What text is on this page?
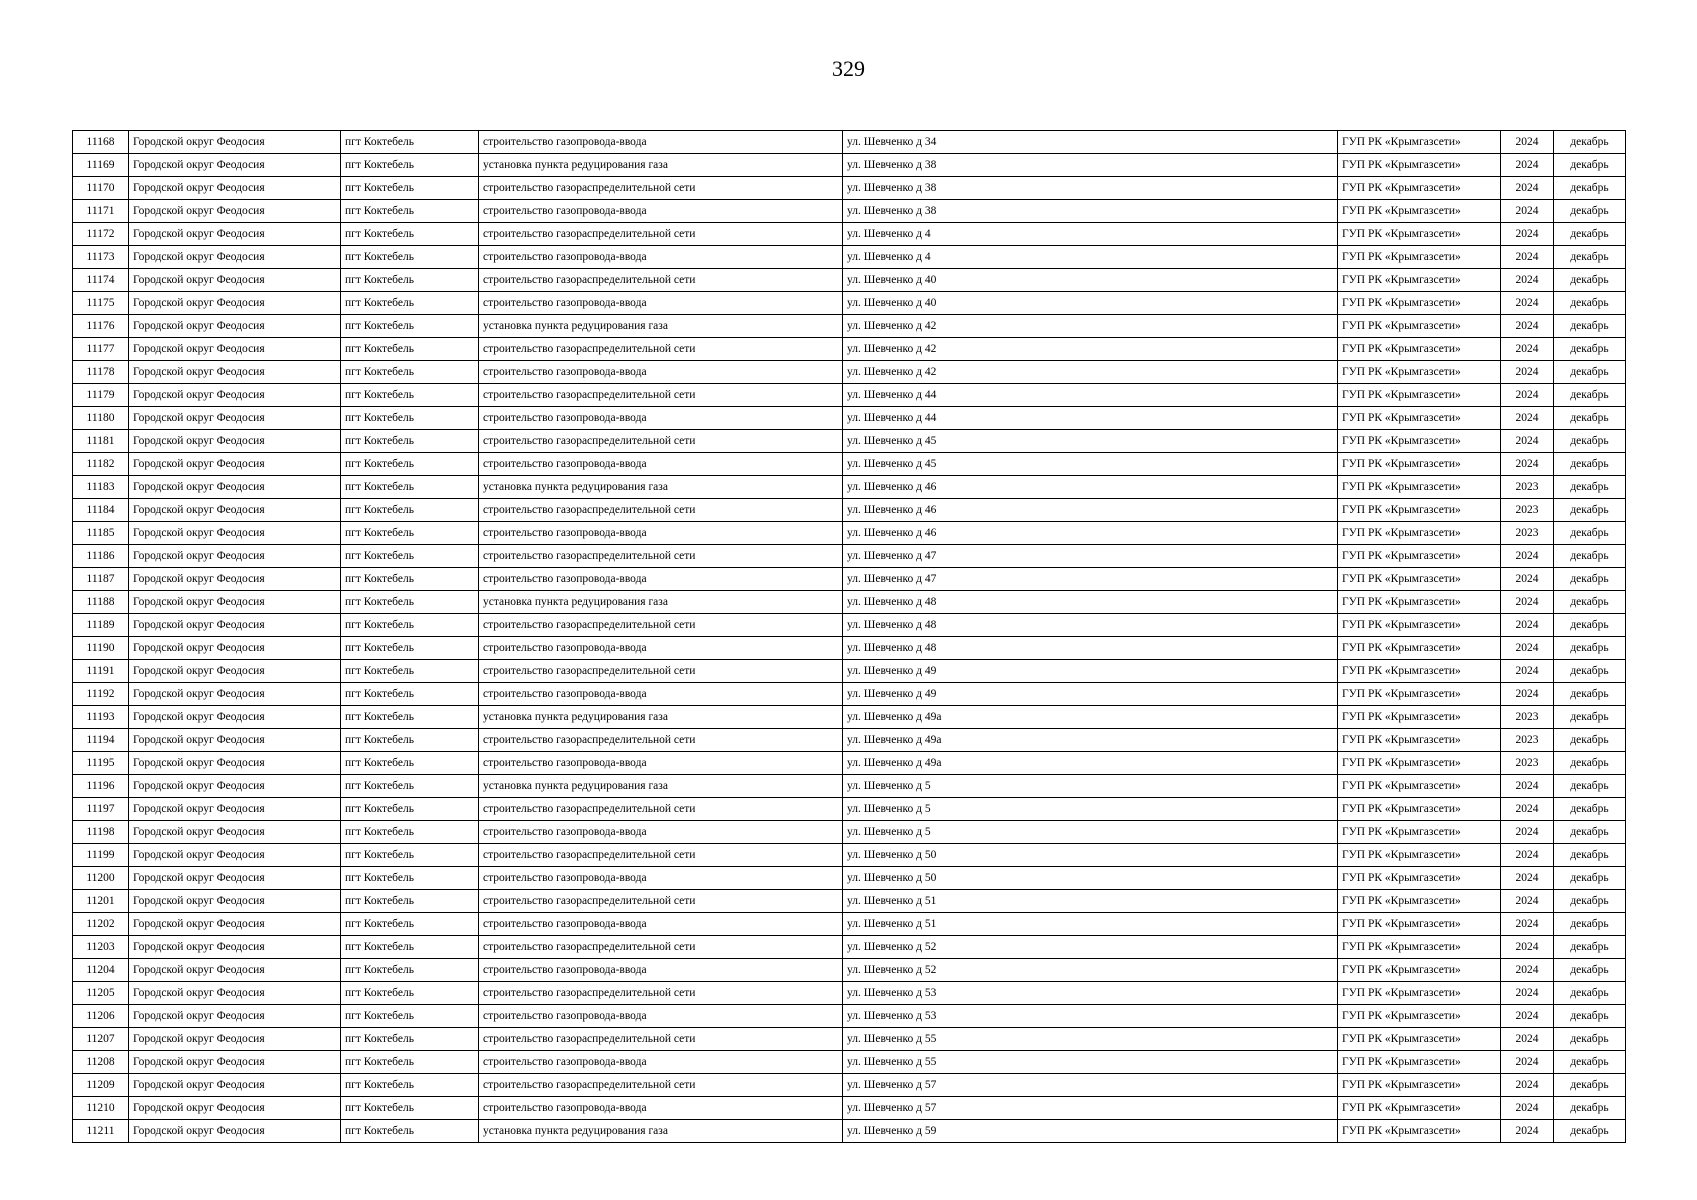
329
11168	Городской округ Феодосия	пгт Коктебель	строительство газопровода-ввода	ул. Шевченко д 34	ГУП РК «Крымгазсети»	2024	декабрь
11169	Городской округ Феодосия	пгт Коктебель	установка пункта редуцирования газа	ул. Шевченко д 38	ГУП РК «Крымгазсети»	2024	декабрь
11170	Городской округ Феодосия	пгт Коктебель	строительство газораспределительной сети	ул. Шевченко д 38	ГУП РК «Крымгазсети»	2024	декабрь
11171	Городской округ Феодосия	пгт Коктебель	строительство газопровода-ввода	ул. Шевченко д 38	ГУП РК «Крымгазсети»	2024	декабрь
11172	Городской округ Феодосия	пгт Коктебель	строительство газораспределительной сети	ул. Шевченко д 4	ГУП РК «Крымгазсети»	2024	декабрь
11173	Городской округ Феодосия	пгт Коктебель	строительство газопровода-ввода	ул. Шевченко д 4	ГУП РК «Крымгазсети»	2024	декабрь
11174	Городской округ Феодосия	пгт Коктебель	строительство газораспределительной сети	ул. Шевченко д 40	ГУП РК «Крымгазсети»	2024	декабрь
11175	Городской округ Феодосия	пгт Коктебель	строительство газопровода-ввода	ул. Шевченко д 40	ГУП РК «Крымгазсети»	2024	декабрь
11176	Городской округ Феодосия	пгт Коктебель	установка пункта редуцирования газа	ул. Шевченко д 42	ГУП РК «Крымгазсети»	2024	декабрь
11177	Городской округ Феодосия	пгт Коктебель	строительство газораспределительной сети	ул. Шевченко д 42	ГУП РК «Крымгазсети»	2024	декабрь
11178	Городской округ Феодосия	пгт Коктебель	строительство газопровода-ввода	ул. Шевченко д 42	ГУП РК «Крымгазсети»	2024	декабрь
11179	Городской округ Феодосия	пгт Коктебель	строительство газораспределительной сети	ул. Шевченко д 44	ГУП РК «Крымгазсети»	2024	декабрь
11180	Городской округ Феодосия	пгт Коктебель	строительство газопровода-ввода	ул. Шевченко д 44	ГУП РК «Крымгазсети»	2024	декабрь
11181	Городской округ Феодосия	пгт Коктебель	строительство газораспределительной сети	ул. Шевченко д 45	ГУП РК «Крымгазсети»	2024	декабрь
11182	Городской округ Феодосия	пгт Коктебель	строительство газопровода-ввода	ул. Шевченко д 45	ГУП РК «Крымгазсети»	2024	декабрь
11183	Городской округ Феодосия	пгт Коктебель	установка пункта редуцирования газа	ул. Шевченко д 46	ГУП РК «Крымгазсети»	2023	декабрь
11184	Городской округ Феодосия	пгт Коктебель	строительство газораспределительной сети	ул. Шевченко д 46	ГУП РК «Крымгазсети»	2023	декабрь
11185	Городской округ Феодосия	пгт Коктебель	строительство газопровода-ввода	ул. Шевченко д 46	ГУП РК «Крымгазсети»	2023	декабрь
11186	Городской округ Феодосия	пгт Коктебель	строительство газораспределительной сети	ул. Шевченко д 47	ГУП РК «Крымгазсети»	2024	декабрь
11187	Городской округ Феодосия	пгт Коктебель	строительство газопровода-ввода	ул. Шевченко д 47	ГУП РК «Крымгазсети»	2024	декабрь
11188	Городской округ Феодосия	пгт Коктебель	установка пункта редуцирования газа	ул. Шевченко д 48	ГУП РК «Крымгазсети»	2024	декабрь
11189	Городской округ Феодосия	пгт Коктебель	строительство газораспределительной сети	ул. Шевченко д 48	ГУП РК «Крымгазсети»	2024	декабрь
11190	Городской округ Феодосия	пгт Коктебель	строительство газопровода-ввода	ул. Шевченко д 48	ГУП РК «Крымгазсети»	2024	декабрь
11191	Городской округ Феодосия	пгт Коктебель	строительство газораспределительной сети	ул. Шевченко д 49	ГУП РК «Крымгазсети»	2024	декабрь
11192	Городской округ Феодосия	пгт Коктебель	строительство газопровода-ввода	ул. Шевченко д 49	ГУП РК «Крымгазсети»	2024	декабрь
11193	Городской округ Феодосия	пгт Коктебель	установка пункта редуцирования газа	ул. Шевченко д 49а	ГУП РК «Крымгазсети»	2023	декабрь
11194	Городской округ Феодосия	пгт Коктебель	строительство газораспределительной сети	ул. Шевченко д 49а	ГУП РК «Крымгазсети»	2023	декабрь
11195	Городской округ Феодосия	пгт Коктебель	строительство газопровода-ввода	ул. Шевченко д 49а	ГУП РК «Крымгазсети»	2023	декабрь
11196	Городской округ Феодосия	пгт Коктебель	установка пункта редуцирования газа	ул. Шевченко д 5	ГУП РК «Крымгазсети»	2024	декабрь
11197	Городской округ Феодосия	пгт Коктебель	строительство газораспределительной сети	ул. Шевченко д 5	ГУП РК «Крымгазсети»	2024	декабрь
11198	Городской округ Феодосия	пгт Коктебель	строительство газопровода-ввода	ул. Шевченко д 5	ГУП РК «Крымгазсети»	2024	декабрь
11199	Городской округ Феодосия	пгт Коктебель	строительство газораспределительной сети	ул. Шевченко д 50	ГУП РК «Крымгазсети»	2024	декабрь
11200	Городской округ Феодосия	пгт Коктебель	строительство газопровода-ввода	ул. Шевченко д 50	ГУП РК «Крымгазсети»	2024	декабрь
11201	Городской округ Феодосия	пгт Коктебель	строительство газораспределительной сети	ул. Шевченко д 51	ГУП РК «Крымгазсети»	2024	декабрь
11202	Городской округ Феодосия	пгт Коктебель	строительство газопровода-ввода	ул. Шевченко д 51	ГУП РК «Крымгазсети»	2024	декабрь
11203	Городской округ Феодосия	пгт Коктебель	строительство газораспределительной сети	ул. Шевченко д 52	ГУП РК «Крымгазсети»	2024	декабрь
11204	Городской округ Феодосия	пгт Коктебель	строительство газопровода-ввода	ул. Шевченко д 52	ГУП РК «Крымгазсети»	2024	декабрь
11205	Городской округ Феодосия	пгт Коктебель	строительство газораспределительной сети	ул. Шевченко д 53	ГУП РК «Крымгазсети»	2024	декабрь
11206	Городской округ Феодосия	пгт Коктебель	строительство газопровода-ввода	ул. Шевченко д 53	ГУП РК «Крымгазсети»	2024	декабрь
11207	Городской округ Феодосия	пгт Коктебель	строительство газораспределительной сети	ул. Шевченко д 55	ГУП РК «Крымгазсети»	2024	декабрь
11208	Городской округ Феодосия	пгт Коктебель	строительство газопровода-ввода	ул. Шевченко д 55	ГУП РК «Крымгазсети»	2024	декабрь
11209	Городской округ Феодосия	пгт Коктебель	строительство газораспределительной сети	ул. Шевченко д 57	ГУП РК «Крымгазсети»	2024	декабрь
11210	Городской округ Феодосия	пгт Коктебель	строительство газопровода-ввода	ул. Шевченко д 57	ГУП РК «Крымгазсети»	2024	декабрь
11211	Городской округ Феодосия	пгт Коктебель	установка пункта редуцирования газа	ул. Шевченко д 59	ГУП РК «Крымгазсети»	2024	декабрь
